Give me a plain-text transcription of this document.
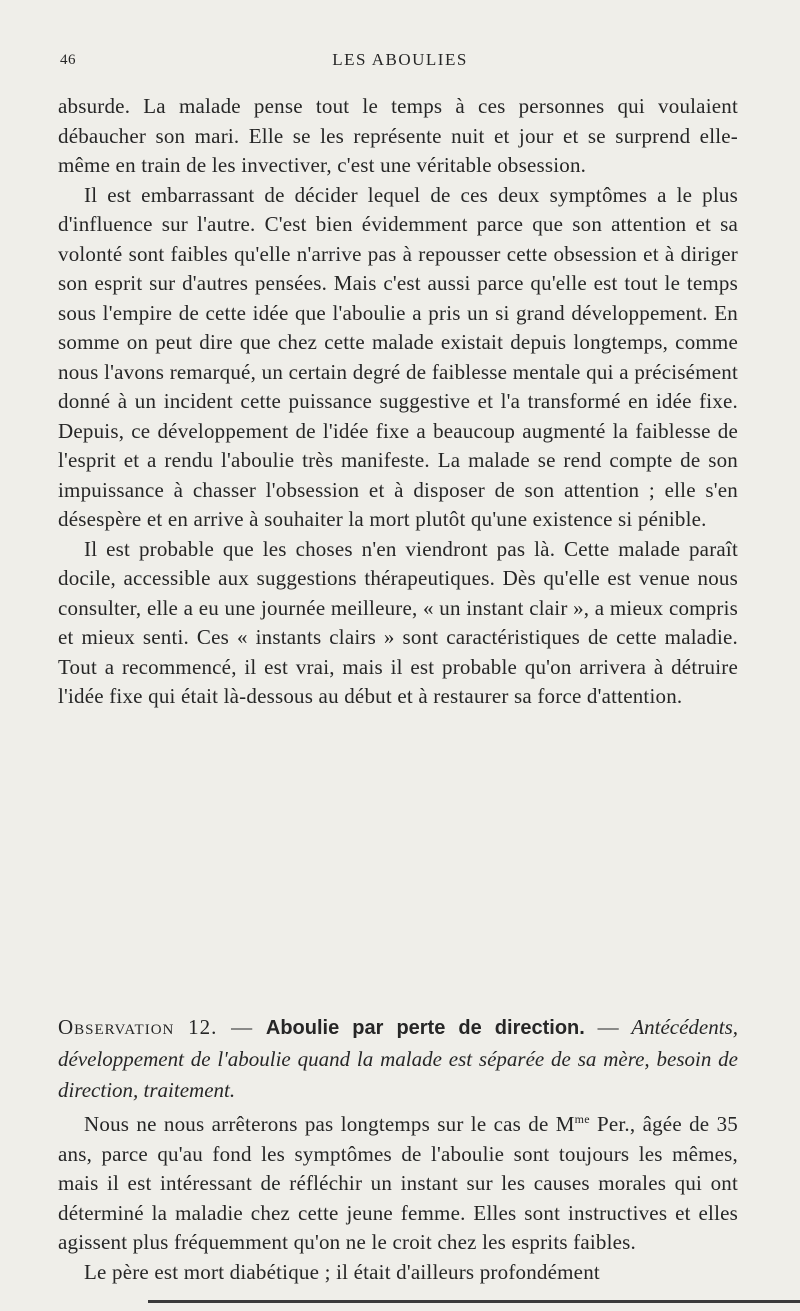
46	LES ABOULIES

absurde. La malade pense tout le temps à ces personnes qui voulaient débaucher son mari. Elle se les représente nuit et jour et se surprend elle-même en train de les invectiver, c'est une véritable obsession.

Il est embarrassant de décider lequel de ces deux symptômes a le plus d'influence sur l'autre. C'est bien évidemment parce que son attention et sa volonté sont faibles qu'elle n'arrive pas à repousser cette obsession et à diriger son esprit sur d'autres pensées. Mais c'est aussi parce qu'elle est tout le temps sous l'empire de cette idée que l'aboulie a pris un si grand développement. En somme on peut dire que chez cette malade existait depuis longtemps, comme nous l'avons remarqué, un certain degré de faiblesse mentale qui a précisément donné à un incident cette puissance suggestive et l'a transformé en idée fixe. Depuis, ce développement de l'idée fixe a beaucoup augmenté la faiblesse de l'esprit et a rendu l'aboulie très manifeste. La malade se rend compte de son impuissance à chasser l'obsession et à disposer de son attention ; elle s'en désespère et en arrive à souhaiter la mort plutôt qu'une existence si pénible.

Il est probable que les choses n'en viendront pas là. Cette malade paraît docile, accessible aux suggestions thérapeutiques. Dès qu'elle est venue nous consulter, elle a eu une journée meilleure, « un instant clair », a mieux compris et mieux senti. Ces « instants clairs » sont caractéristiques de cette maladie. Tout a recommencé, il est vrai, mais il est probable qu'on arrivera à détruire l'idée fixe qui était là-dessous au début et à restaurer sa force d'attention.

Observation 12. — Aboulie par perte de direction. — Antécédents, développement de l'aboulie quand la malade est séparée de sa mère, besoin de direction, traitement.

Nous ne nous arrêterons pas longtemps sur le cas de $M^{me}$ Per., âgée de 35 ans, parce qu'au fond les symptômes de l'aboulie sont toujours les mêmes, mais il est intéressant de réfléchir un instant sur les causes morales qui ont déterminé la maladie chez cette jeune femme. Elles sont instructives et elles agissent plus fréquemment qu'on ne le croit chez les esprits faibles.

Le père est mort diabétique ; il était d'ailleurs profondément
